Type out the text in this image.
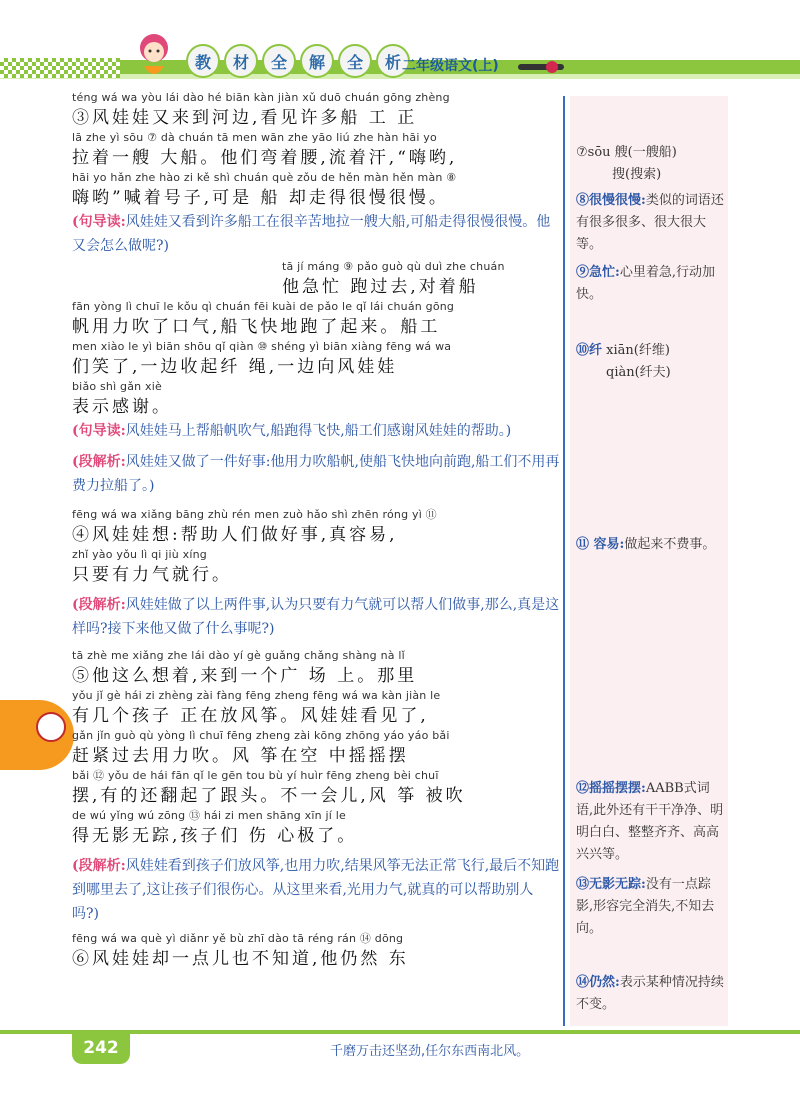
教	材	全	解	全	析 二年级语文(上)
téng wá wa yòu lái dào hé biān kàn jiàn xǔ duō chuán gōng zhèng
③风娃娃又来到河边,看见许多船 工 正
lā zhe yì sōu ⑦ dà chuán tā men wān zhe yāo liú zhe hàn hāi yo
拉着一艘 大船。他们弯着腰,流着汗,“嗨哟,
hāi yo hǎn zhe hào zi kě shì chuán què zǒu de hěn màn hěn màn ⑧
嗨哟”喊着号子,可是 船 却走得很慢很慢。
(句导读:风娃娃又看到许多船工在很辛苦地拉一艘大船,可船走得很慢很慢。他又会怎么做呢?)
tā jí máng ⑨ pǎo guò qù duì zhe chuán
他急忙 跑过去,对着船
fān yòng lì chuī le kǒu qì chuán fēi kuài de pǎo le qǐ lái chuán gōng
帆用力吹了口气,船飞快地跑了起来。船工
men xiào le yì biān shōu qǐ qiàn ⑩ shéng yì biān xiàng fēng wá wa
们笑了,一边收起纤 绳,一边向风娃娃
biǎo shì gǎn xiè
表示感谢。
(句导读:风娃娃马上帮船帆吹气,船跑得飞快,船工们感谢风娃娃的帮助。)
(段解析:风娃娃又做了一件好事:他用力吹船帆,使船飞快地向前跑,船工们不用再费力拉船了。)
fēng wá wa xiǎng bāng zhù rén men zuò hǎo shì zhēn róng yì ⑪
④风娃娃想:帮助人们做好事,真容易,
zhǐ yào yǒu lì qi jiù xíng
只要有力气就行。
(段解析:风娃娃做了以上两件事,认为只要有力气就可以帮人们做事,那么,真是这样吗?接下来他又做了什么事呢?)
tā zhè me xiǎng zhe lái dào yí gè guǎng chǎng shàng nà lǐ
⑤他这么想着,来到一个广 场 上。那里
yǒu jǐ gè hái zi zhèng zài fàng fēng zheng fēng wá wa kàn jiàn le
有几个孩子 正在放风筝。风娃娃看见了,
gǎn jǐn guò qù yòng lì chuī fēng zheng zài kōng zhōng yáo yáo bǎi
赶紧过去用力吹。风 筝在空 中摇摇摆
bǎi ⑫ yǒu de hái fān qǐ le gēn tou bù yí huìr fēng zheng bèi chuī
摆,有的还翻起了跟头。不一会儿,风 筝 被吹
de wú yǐng wú zōng ⑬ hái zi men shāng xīn jí le
得无影无踪,孩子们 伤 心极了。
(段解析:风娃娃看到孩子们放风筝,也用力吹,结果风筝无法正常飞行,最后不知跑到哪里去了,这让孩子们很伤心。从这里来看,光用力气,就真的可以帮助别人吗?)
fēng wá wa què yì diǎnr yě bù zhī dào tā réng rán ⑭ dōng
⑥风娃娃却一点儿也不知道,他仍然 东
⑦sōu 艘(一艘船)
搜(搜索)
⑧很慢很慢:类似的词语还有很多很多、很大很大等。
⑨急忙:心里着急,行动加快。
⑩纤 xiān(纤维)
qiàn(纤夫)
⑪ 容易:做起来不费事。
⑫摇摇摆摆:AABB式词语,此外还有干干净净、明明白白、整整齐齐、高高兴兴等。
⑬无影无踪:没有一点踪影,形容完全消失,不知去向。
⑭仍然:表示某种情况持续不变。
242	千磨万击还坚劲,任尔东西南北风。
